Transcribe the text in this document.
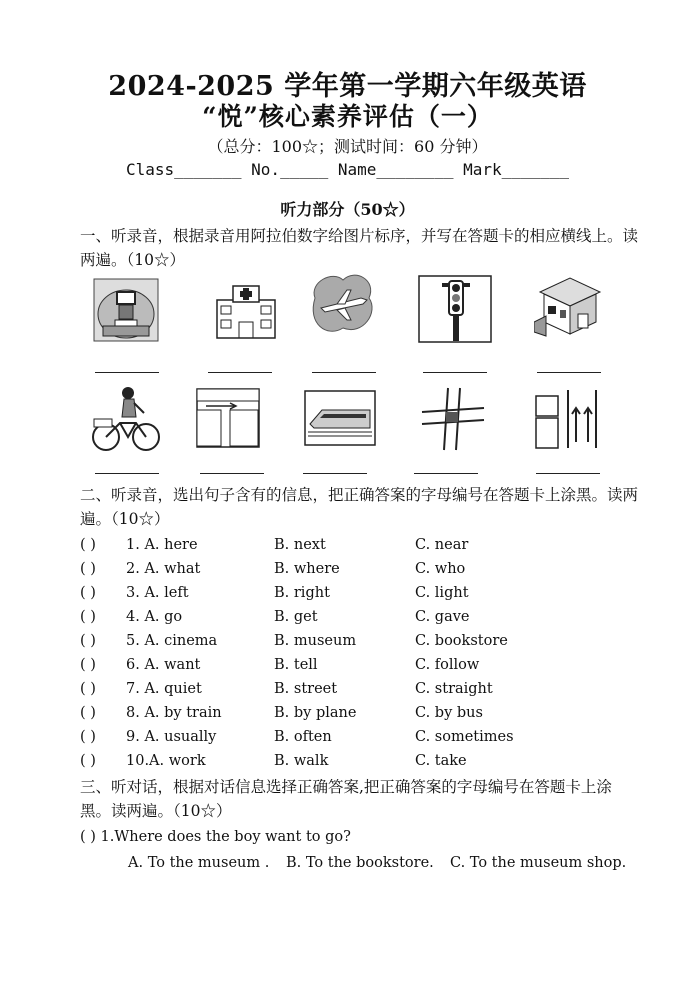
2024-2025 学年第一学期六年级英语
“悦”核心素养评估（一）
（总分：100☆；测试时间：60 分钟）
Class_______ No._____ Name________ Mark_______
听力部分（50☆）
一、听录音，根据录音用阿拉伯数字给图片标序，并写在答题卡的相应横线上。读两遍。（10☆）
二、听录音，选出句子含有的信息，把正确答案的字母编号在答题卡上涂黑。读两遍。（10☆）
( ) 1. A. here	B. next	C. near
( ) 2. A. what	B. where	C. who
( ) 3. A. left	B. right	C. light
( ) 4. A. go	B. get	C. gave
( ) 5. A. cinema	B. museum	C. bookstore
( ) 6. A. want	B. tell	C. follow
( ) 7. A. quiet	B. street	C. straight
( ) 8. A. by train	B. by plane	C. by bus
( ) 9. A. usually	B. often	C. sometimes
( ) 10.A. work	B. walk	C. take
三、听对话，根据对话信息选择正确答案,把正确答案的字母编号在答题卡上涂黑。读两遍。（10☆）
( ) 1.Where does the boy want to go?
A. To the museum . B. To the bookstore. C. To the museum shop.
